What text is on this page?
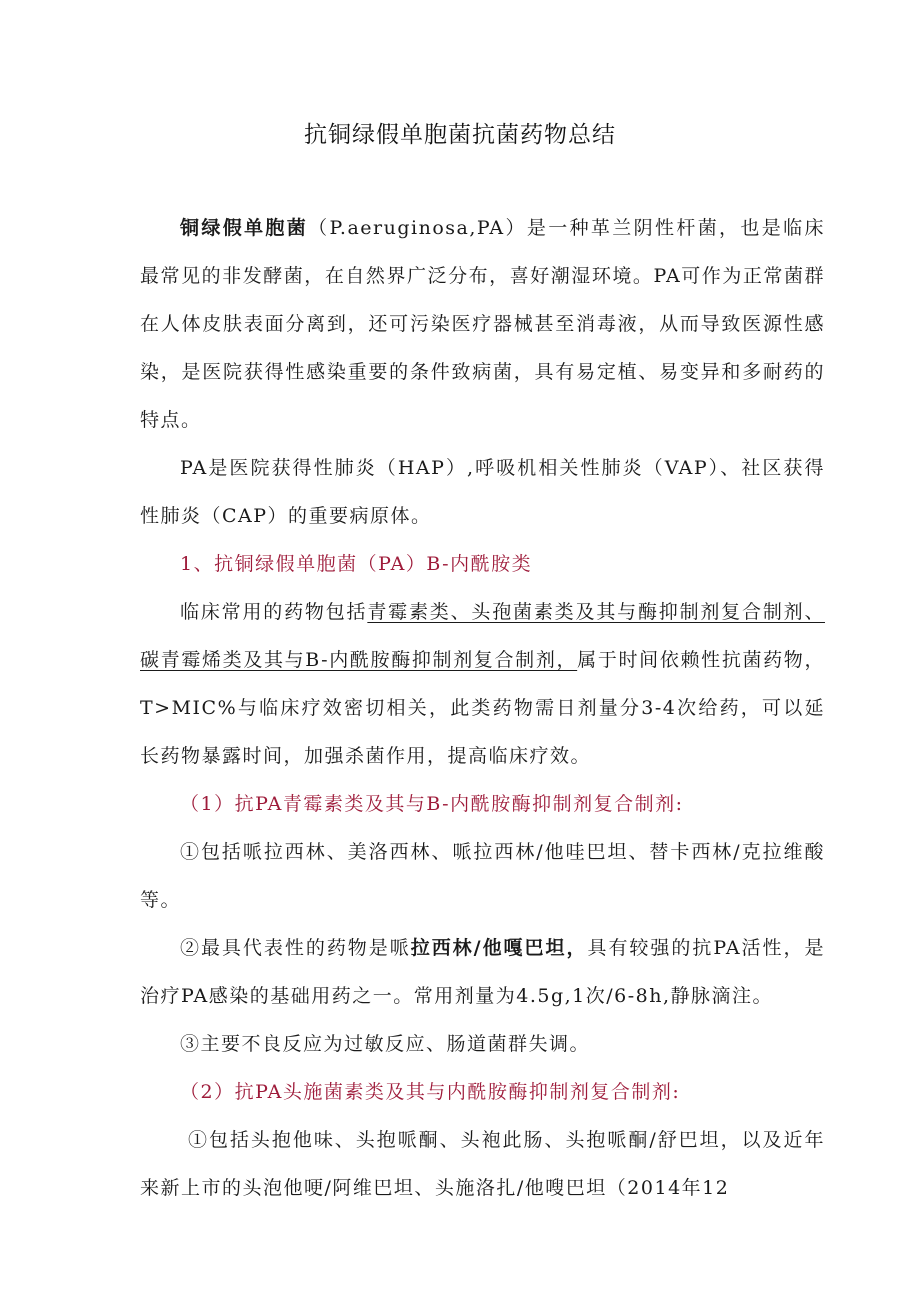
抗铜绿假单胞菌抗菌药物总结

铜绿假单胞菌（P.aeruginosa,PA）是一种革兰阴性杆菌，也是临床最常见的非发酵菌，在自然界广泛分布，喜好潮湿环境。PA可作为正常菌群在人体皮肤表面分离到，还可污染医疗器械甚至消毒液，从而导致医源性感染，是医院获得性感染重要的条件致病菌，具有易定植、易变异和多耐药的特点。

PA是医院获得性肺炎（HAP）,呼吸机相关性肺炎（VAP）、社区获得性肺炎（CAP）的重要病原体。

1、抗铜绿假单胞菌（PA）B-内酰胺类

临床常用的药物包括青霉素类、头孢菌素类及其与酶抑制剂复合制剂、碳青霉烯类及其与B-内酰胺酶抑制剂复合制剂，属于时间依赖性抗菌药物，T>MIC%与临床疗效密切相关，此类药物需日剂量分3-4次给药，可以延长药物暴露时间，加强杀菌作用，提高临床疗效。

（1）抗PA青霉素类及其与B-内酰胺酶抑制剂复合制剂:

①包括哌拉西林、美洛西林、哌拉西林/他哇巴坦、替卡西林/克拉维酸等。

②最具代表性的药物是哌拉西林/他嘎巴坦，具有较强的抗PA活性，是治疗PA感染的基础用药之一。常用剂量为4.5g,1次/6-8h,静脉滴注。

③主要不良反应为过敏反应、肠道菌群失调。

（2）抗PA头施菌素类及其与内酰胺酶抑制剂复合制剂:

①包括头抱他味、头抱哌酮、头袍此肠、头抱哌酮/舒巴坦，以及近年来新上市的头泡他哽/阿维巴坦、头施洛扎/他嗖巴坦（2014年12
